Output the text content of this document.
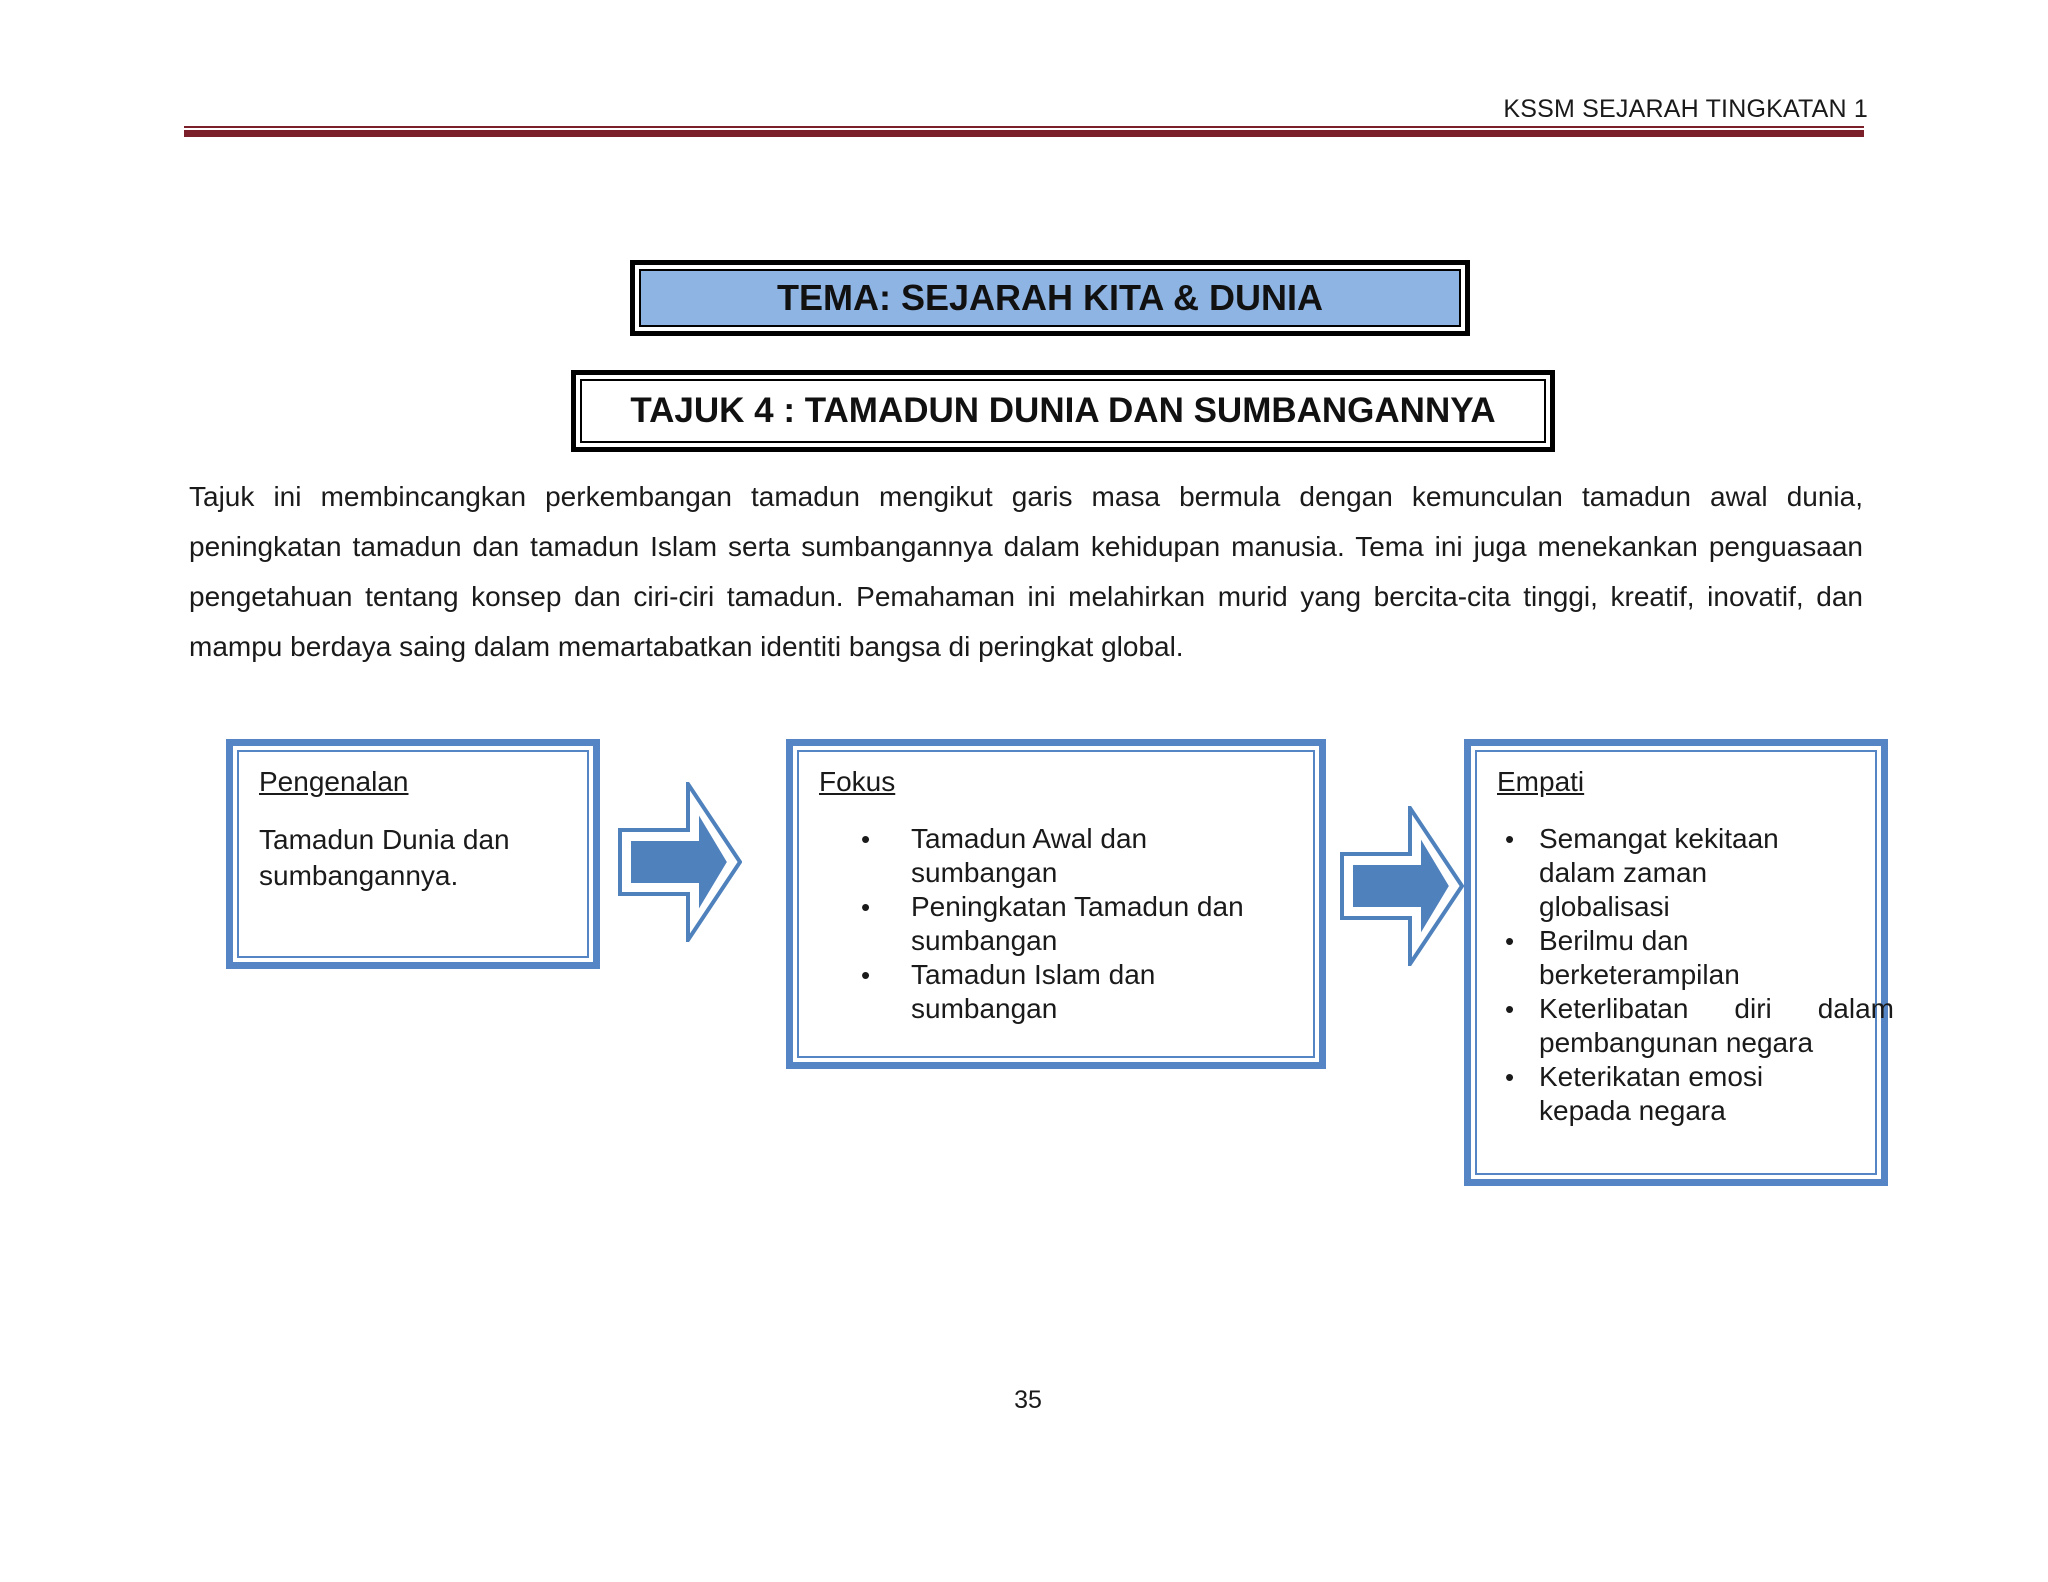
KSSM SEJARAH TINGKATAN 1
TEMA: SEJARAH KITA & DUNIA
TAJUK 4 : TAMADUN DUNIA DAN SUMBANGANNYA
Tajuk ini membincangkan perkembangan tamadun mengikut garis masa bermula dengan kemunculan tamadun awal dunia, peningkatan tamadun dan tamadun Islam serta sumbangannya dalam kehidupan manusia. Tema ini juga menekankan penguasaan pengetahuan tentang konsep dan ciri-ciri tamadun. Pemahaman ini melahirkan murid yang bercita-cita tinggi, kreatif, inovatif, dan mampu berdaya saing dalam memartabatkan identiti bangsa di peringkat global.
Pengenalan
Tamadun Dunia dan sumbangannya.
Fokus
• Tamadun Awal dan sumbangan
• Peningkatan Tamadun dan sumbangan
• Tamadun Islam dan sumbangan
Empati
• Semangat kekitaan dalam zaman globalisasi
• Berilmu dan berketerampilan
• Keterlibatan diri dalam pembangunan negara
• Keterikatan emosi kepada negara
35
